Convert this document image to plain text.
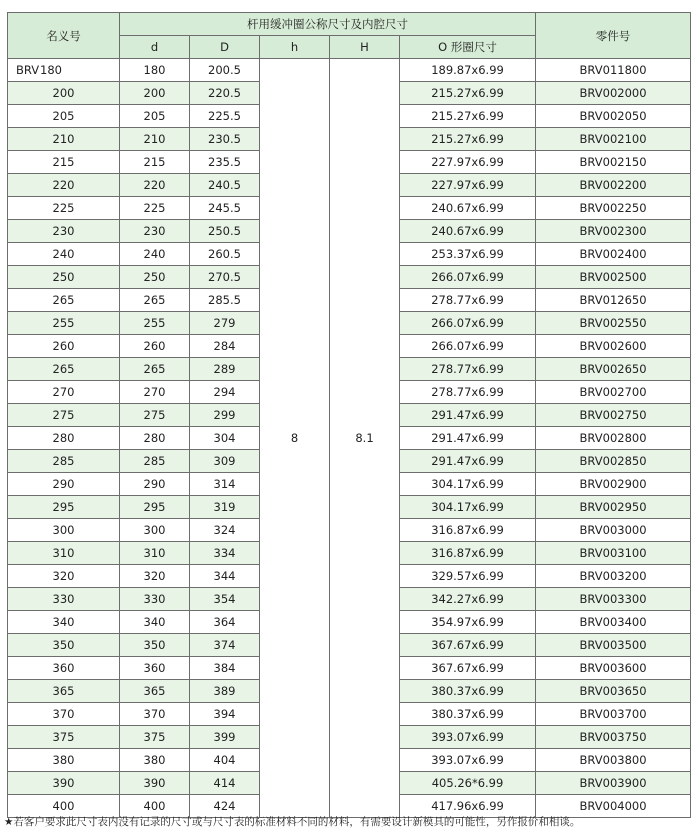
名义号	杆用缓冲圈公称尺寸及内腔尺寸					零件号
	d	D	h	H	O 形圈尺寸	
BRV180	180	200.5	8	8.1	189.87x6.99	BRV011800
200	200	220.5			215.27x6.99	BRV002000
205	205	225.5			215.27x6.99	BRV002050
210	210	230.5			215.27x6.99	BRV002100
215	215	235.5			227.97x6.99	BRV002150
220	220	240.5			227.97x6.99	BRV002200
225	225	245.5			240.67x6.99	BRV002250
230	230	250.5			240.67x6.99	BRV002300
240	240	260.5			253.37x6.99	BRV002400
250	250	270.5			266.07x6.99	BRV002500
265	265	285.5			278.77x6.99	BRV012650
255	255	279			266.07x6.99	BRV002550
260	260	284			266.07x6.99	BRV002600
265	265	289			278.77x6.99	BRV002650
270	270	294			278.77x6.99	BRV002700
275	275	299			291.47x6.99	BRV002750
280	280	304			291.47x6.99	BRV002800
285	285	309			291.47x6.99	BRV002850
290	290	314			304.17x6.99	BRV002900
295	295	319			304.17x6.99	BRV002950
300	300	324			316.87x6.99	BRV003000
310	310	334			316.87x6.99	BRV003100
320	320	344			329.57x6.99	BRV003200
330	330	354			342.27x6.99	BRV003300
340	340	364			354.97x6.99	BRV003400
350	350	374			367.67x6.99	BRV003500
360	360	384			367.67x6.99	BRV003600
365	365	389			380.37x6.99	BRV003650
370	370	394			380.37x6.99	BRV003700
375	375	399			393.07x6.99	BRV003750
380	380	404			393.07x6.99	BRV003800
390	390	414			405.26*6.99	BRV003900
400	400	424			417.96x6.99	BRV004000
★若客户要求此尺寸表内没有记录的尺寸或与尺寸表的标准材料不同的材料，有需要设计新模具的可能性，另作报价和相谈。
